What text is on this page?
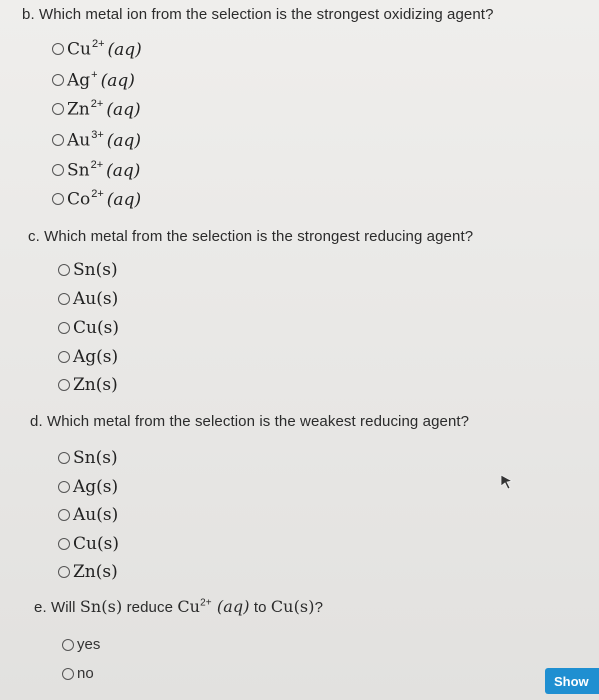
b. Which metal ion from the selection is the strongest oxidizing agent?
$Cu^{2+}$ (aq)
Ag+ (aq)
$Zn^{2+}$ (aq)
$Au^{3+}$ (aq)
$Sn^{2+}$ (aq)
$Co^{2+}$ (aq)
c. Which metal from the selection is the strongest reducing agent?
Sn(s)
Au(s)
Cu(s)
Ag(s)
Zn(s)
d. Which metal from the selection is the weakest reducing agent?
Sn(s)
Ag(s)
Au(s)
Cu(s)
Zn(s)
e. Will Sn(s) reduce $Cu^{2+}$ (aq) to Cu(s)?
yes
no	Show
